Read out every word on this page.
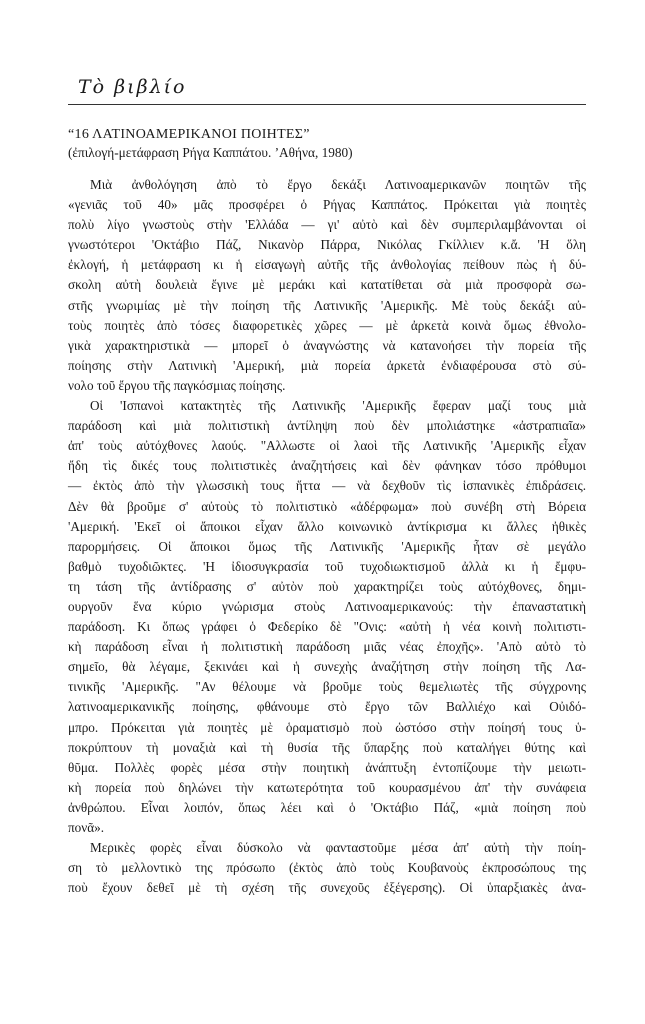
Τὸ βιβλίο
“16 ΛΑΤΙΝΟΑΜΕΡΙΚΑΝΟΙ ΠΟΙΗΤΕΣ”
(ἐπιλογή-μετάφραση Ρήγα Καππάτου. ’Αθήνα, 1980)

Μιὰ ἀνθολόγηση ἀπὸ τὸ ἔργο δεκάξι Λατινοαμερικανῶν ποιητῶν τῆς
«γενιᾶς τοῦ 40» μᾶς προσφέρει ὁ Ρήγας Καππάτος. Πρόκειται γιὰ ποιητὲς
πολὺ λίγο γνωστοὺς στὴν 'Ελλάδα — γι' αὐτὸ καὶ δὲν συμπεριλαμβάνονται οἱ
γνωστότεροι 'Οκτάβιο Πάζ, Νικανὸρ Πάρρα, Νικόλας Γκίλλιεν κ.ἄ. 'Η ὅλη
ἐκλογή, ἡ μετάφραση κι ἡ εἰσαγωγὴ αὐτῆς τῆς ἀνθολογίας πείθουν πὼς ἡ δύ-
σκολη αὐτὴ δουλειὰ ἔγινε μὲ μεράκι καὶ κατατίθεται σὰ μιὰ προσφορὰ σω-
στῆς γνωριμίας μὲ τὴν ποίηση τῆς Λατινικῆς 'Αμερικῆς. Μὲ τοὺς δεκάξι αὐ-
τοὺς ποιητὲς ἀπὸ τόσες διαφορετικὲς χῶρες — μὲ ἀρκετὰ κοινὰ ὅμως ἐθνολο-
γικὰ χαρακτηριστικὰ — μπορεῖ ὁ ἀναγνώστης νὰ κατανοήσει τὴν πορεία τῆς
ποίησης στὴν Λατινικὴ 'Αμερική, μιὰ πορεία ἀρκετὰ ἐνδιαφέρουσα στὸ σύ-
νολο τοῦ ἔργου τῆς παγκόσμιας ποίησης.

Οἱ 'Ισπανοὶ κατακτητὲς τῆς Λατινικῆς 'Αμερικῆς ἔφεραν μαζί τους μιὰ
παράδοση καὶ μιὰ πολιτιστικὴ ἀντίληψη ποὺ δὲν μπολιάστηκε «ἀστραπιαῖα»
ἀπ' τοὺς αὐτόχθονες λαούς. "Αλλωστε οἱ λαοὶ τῆς Λατινικῆς 'Αμερικῆς εἶχαν
ἤδη τὶς δικές τους πολιτιστικὲς ἀναζητήσεις καὶ δὲν φάνηκαν τόσο πρόθυμοι
— ἐκτὸς ἀπὸ τὴν γλωσσικὴ τους ἥττα — νὰ δεχθοῦν τὶς ἱσπανικὲς ἐπιδράσεις.
Δὲν θὰ βροῦμε σ' αὐτοὺς τὸ πολιτιστικὸ «ἀδέρφωμα» ποὺ συνέβη στὴ Βόρεια
'Αμερική. 'Εκεῖ οἱ ἄποικοι εἶχαν ἄλλο κοινωνικὸ ἀντίκρισμα κι ἄλλες ἠθικὲς
παρορμήσεις. Οἱ ἄποικοι ὅμως τῆς Λατινικῆς 'Αμερικῆς ἦταν σὲ μεγάλο
βαθμὸ τυχοδιῶκτες. 'Η ἰδιοσυγκρασία τοῦ τυχοδιωκτισμοῦ ἀλλὰ κι ἡ ἔμφυ-
τη τάση τῆς ἀντίδρασης σ' αὐτὸν ποὺ χαρακτηρίζει τοὺς αὐτόχθονες, δημι-
ουργοῦν ἕνα κύριο γνώρισμα στοὺς Λατινοαμερικανούς: τὴν ἐπαναστατικὴ
παράδοση. Κι ὅπως γράφει ὁ Φεδερίκο δὲ "Ονις: «αὐτὴ ἡ νέα κοινὴ πολιτιστι-
κὴ παράδοση εἶναι ἡ πολιτιστικὴ παράδοση μιᾶς νέας ἐποχῆς». 'Απὸ αὐτὸ τὸ
σημεῖο, θὰ λέγαμε, ξεκινάει καὶ ἡ συνεχὴς ἀναζήτηση στὴν ποίηση τῆς Λα-
τινικῆς 'Αμερικῆς. "Αν θέλουμε νὰ βροῦμε τοὺς θεμελιωτὲς τῆς σύγχρονης
λατινοαμερικανικῆς ποίησης, φθάνουμε στὸ ἔργο τῶν Βαλλιέχο καὶ Οὐιδό-
μπρο. Πρόκειται γιὰ ποιητὲς μὲ ὁραματισμὸ ποὺ ὡστόσο στὴν ποίησή τους ὑ-
ποκρύπτουν τὴ μοναξιὰ καὶ τὴ θυσία τῆς ὕπαρξης ποὺ καταλήγει θύτης καὶ
θῦμα. Πολλὲς φορὲς μέσα στὴν ποιητικὴ ἀνάπτυξη ἐντοπίζουμε τὴν μειωτι-
κὴ πορεία ποὺ δηλώνει τὴν κατωτερότητα τοῦ κουρασμένου ἀπ' τὴν συνάφεια
ἀνθρώπου. Εἶναι λοιπόν, ὅπως λέει καὶ ὁ 'Οκτάβιο Πάζ, «μιὰ ποίηση ποὺ
πονᾶ».

Μερικὲς φορὲς εἶναι δύσκολο νὰ φανταστοῦμε μέσα ἀπ' αὐτὴ τὴν ποίη-
ση τὸ μελλοντικὸ της πρόσωπο (ἐκτὸς ἀπὸ τοὺς Κουβανοὺς ἐκπροσώπους της
ποὺ ἔχουν δεθεῖ μὲ τὴ σχέση τῆς συνεχοῦς ἐξέγερσης). Οἱ ὑπαρξιακὲς ἀνα-
